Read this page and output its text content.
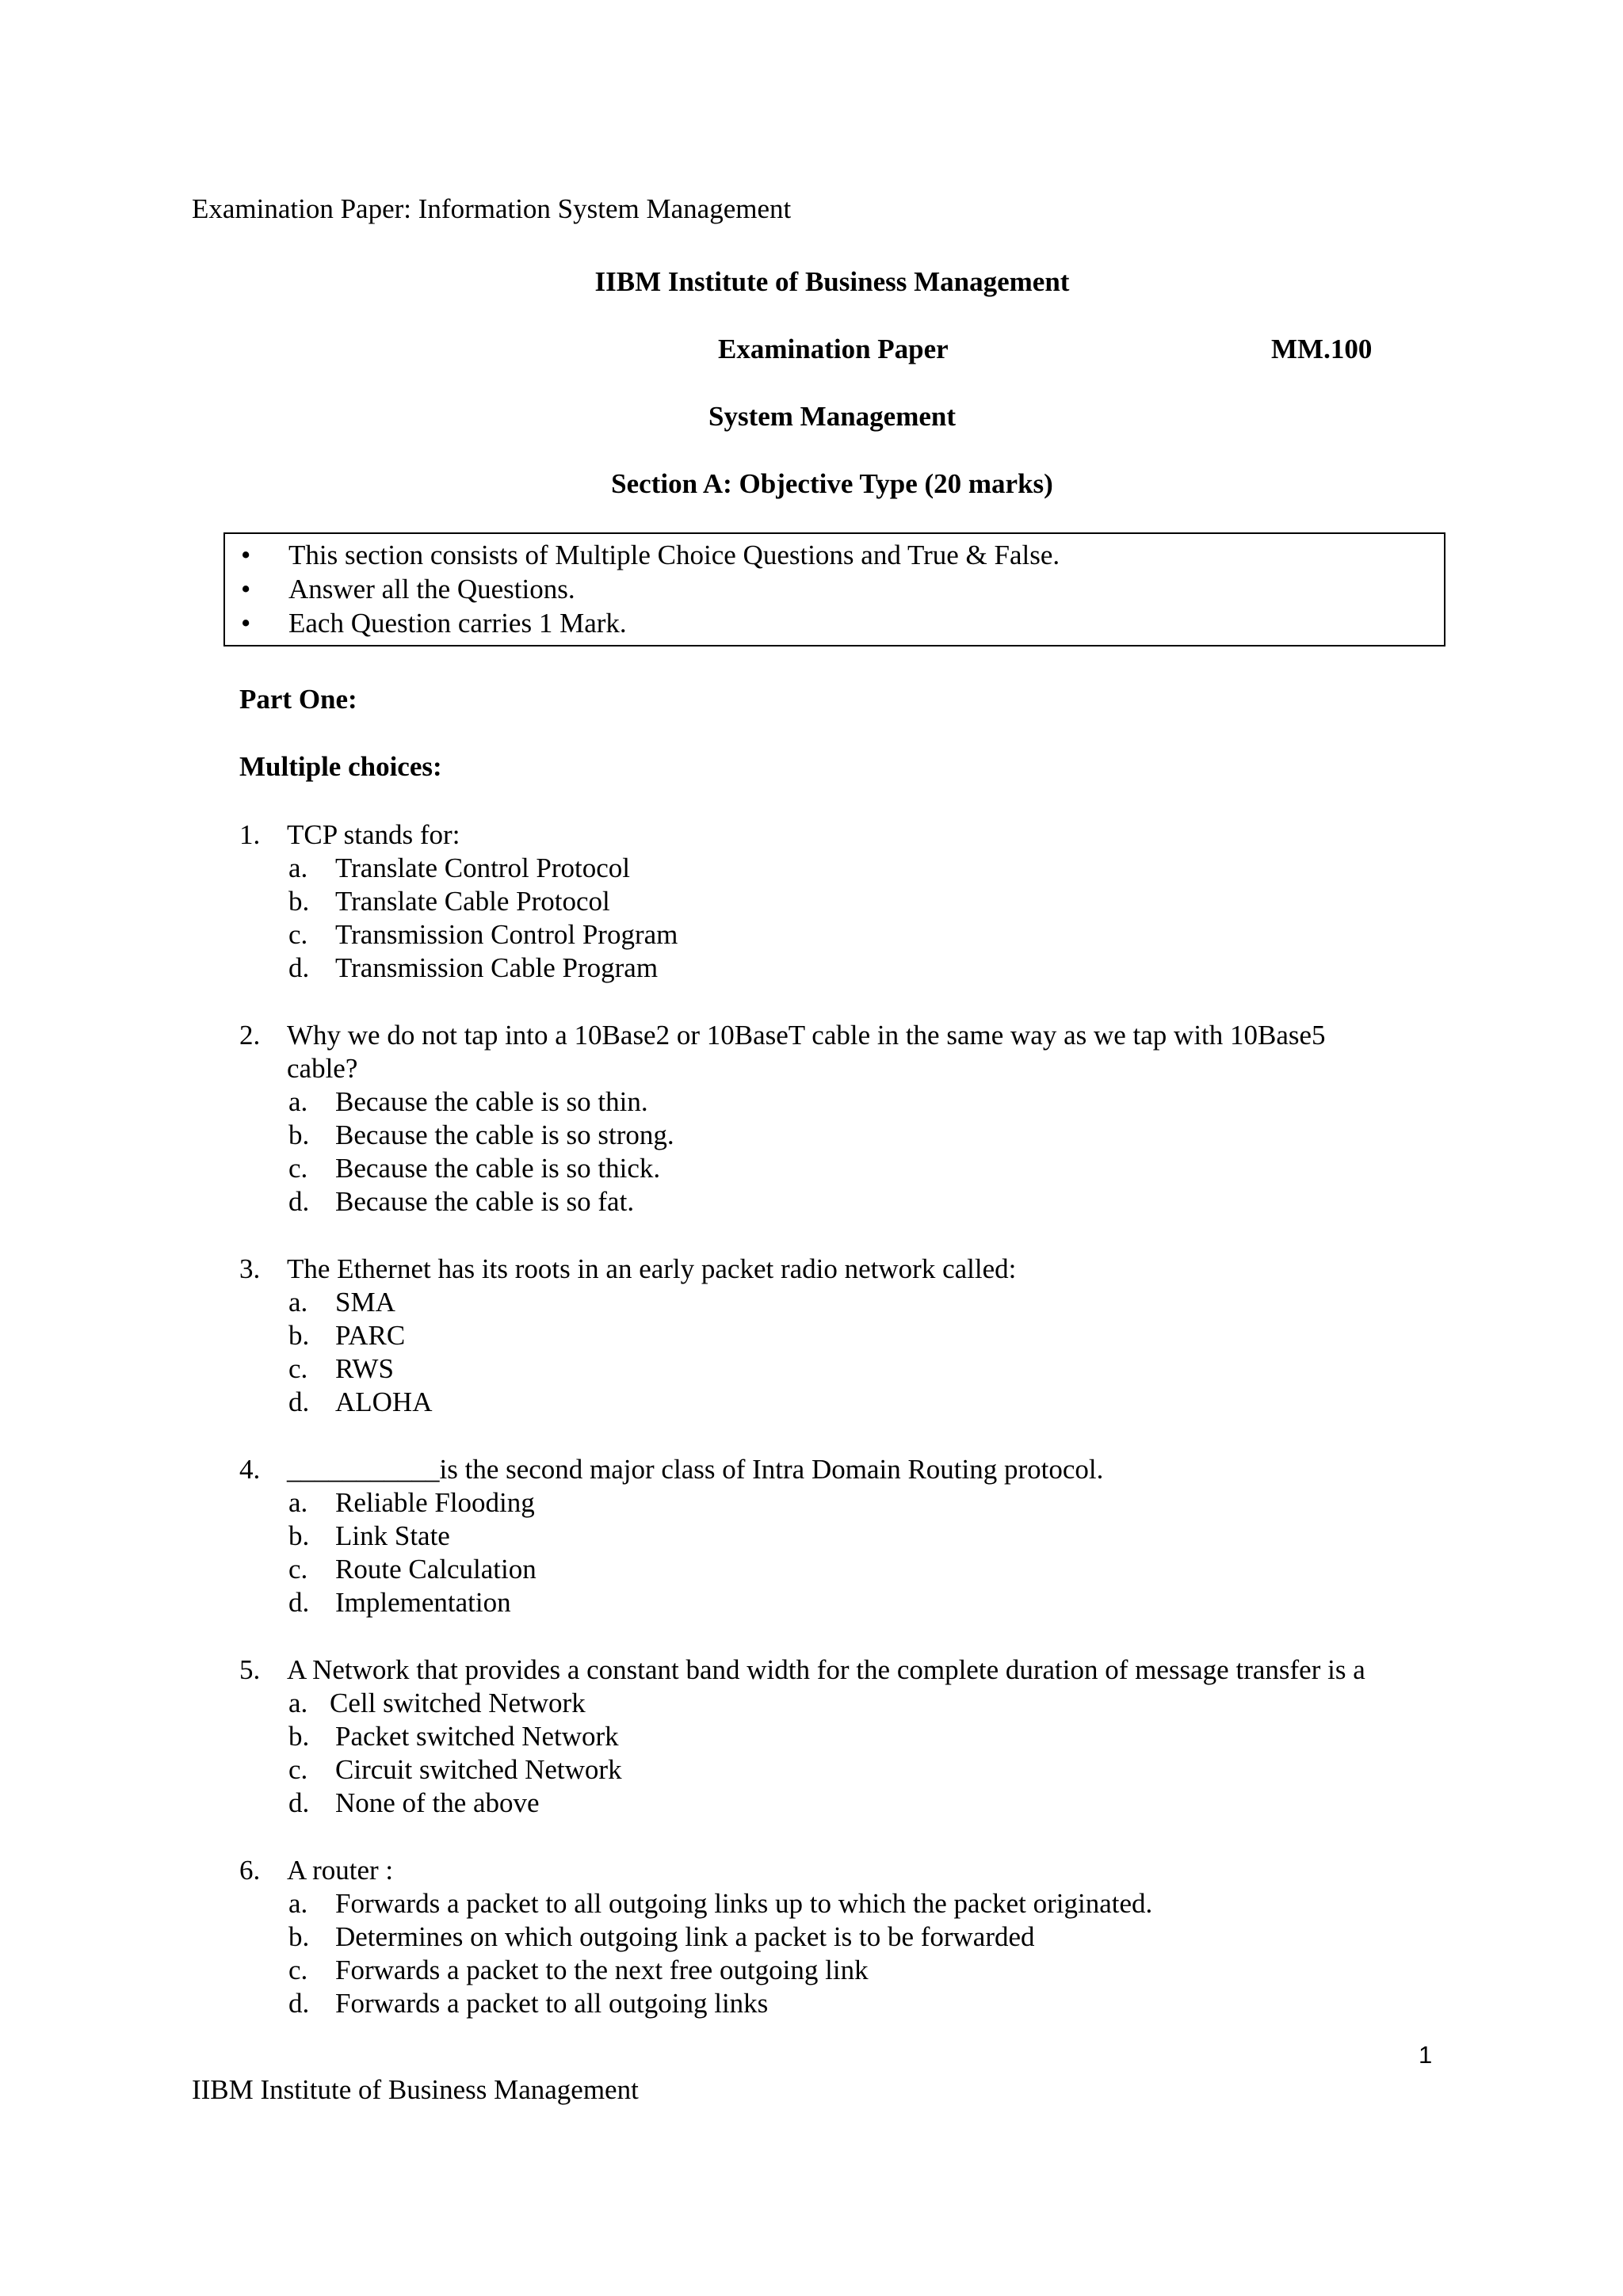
Examination Paper: Information System Management
IIBM Institute of Business Management
Examination Paper	MM.100
System Management
Section A: Objective Type (20 marks)
• This section consists of Multiple Choice Questions and True & False.
• Answer all the Questions.
• Each Question carries 1 Mark.
Part One:
Multiple choices:
1. TCP stands for:
a. Translate Control Protocol
b. Translate Cable Protocol
c. Transmission Control Program
d. Transmission Cable Program
2. Why we do not tap into a 10Base2 or 10BaseT cable in the same way as we tap with 10Base5
cable?
a. Because the cable is so thin.
b. Because the cable is so strong.
c. Because the cable is so thick.
d. Because the cable is so fat.
3. The Ethernet has its roots in an early packet radio network called:
a. SMA
b. PARC
c. RWS
d. ALOHA
4. ___________is the second major class of Intra Domain Routing protocol.
a. Reliable Flooding
b. Link State
c. Route Calculation
d. Implementation
5. A Network that provides a constant band width for the complete duration of message transfer is a
a. Cell switched Network
b. Packet switched Network
c. Circuit switched Network
d. None of the above
6. A router :
a. Forwards a packet to all outgoing links up to which the packet originated.
b. Determines on which outgoing link a packet is to be forwarded
c. Forwards a packet to the next free outgoing link
d. Forwards a packet to all outgoing links
1
IIBM Institute of Business Management
